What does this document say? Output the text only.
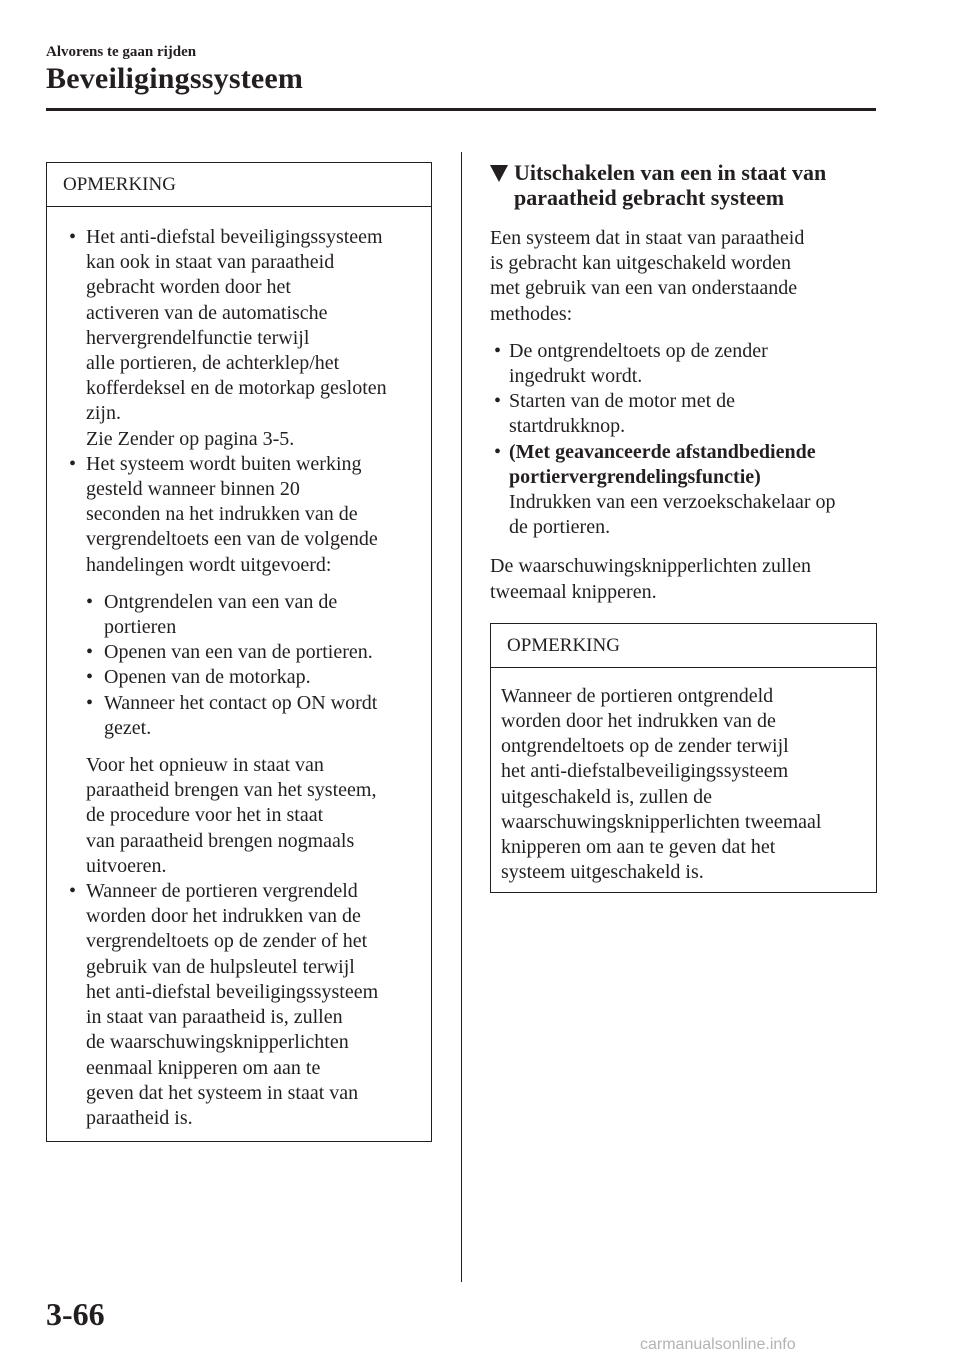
Alvorens te gaan rijden
Beveiligingssysteem
OPMERKING
• Het anti-diefstal beveiligingssysteem
kan ook in staat van paraatheid
gebracht worden door het
activeren van de automatische
hervergrendelfunctie terwijl
alle portieren, de achterklep/het
kofferdeksel en de motorkap gesloten
zijn.
Zie Zender op pagina 3-5.
• Het systeem wordt buiten werking
gesteld wanneer binnen 20
seconden na het indrukken van de
vergrendeltoets een van de volgende
handelingen wordt uitgevoerd:
• Ontgrendelen van een van de
portieren
• Openen van een van de portieren.
• Openen van de motorkap.
• Wanneer het contact op ON wordt
gezet.
Voor het opnieuw in staat van
paraatheid brengen van het systeem,
de procedure voor het in staat
van paraatheid brengen nogmaals
uitvoeren.
• Wanneer de portieren vergrendeld
worden door het indrukken van de
vergrendeltoets op de zender of het
gebruik van de hulpsleutel terwijl
het anti-diefstal beveiligingssysteem
in staat van paraatheid is, zullen
de waarschuwingsknipperlichten
eenmaal knipperen om aan te
geven dat het systeem in staat van
paraatheid is.
Uitschakelen van een in staat van
paraatheid gebracht systeem

Een systeem dat in staat van paraatheid
is gebracht kan uitgeschakeld worden
met gebruik van een van onderstaande
methodes:

• De ontgrendeltoets op de zender
ingedrukt wordt.
• Starten van de motor met de
startdrukknop.
• (Met geavanceerde afstandbediende
portiervergrendelingsfunctie)
Indrukken van een verzoekschakelaar op
de portieren.

De waarschuwingsknipperlichten zullen
tweemaal knipperen.

OPMERKING
Wanneer de portieren ontgrendeld
worden door het indrukken van de
ontgrendeltoets op de zender terwijl
het anti-diefstalbeveiligingssysteem
uitgeschakeld is, zullen de
waarschuwingsknipperlichten tweemaal
knipperen om aan te geven dat het
systeem uitgeschakeld is.
3-66
carmanualsonline.info
